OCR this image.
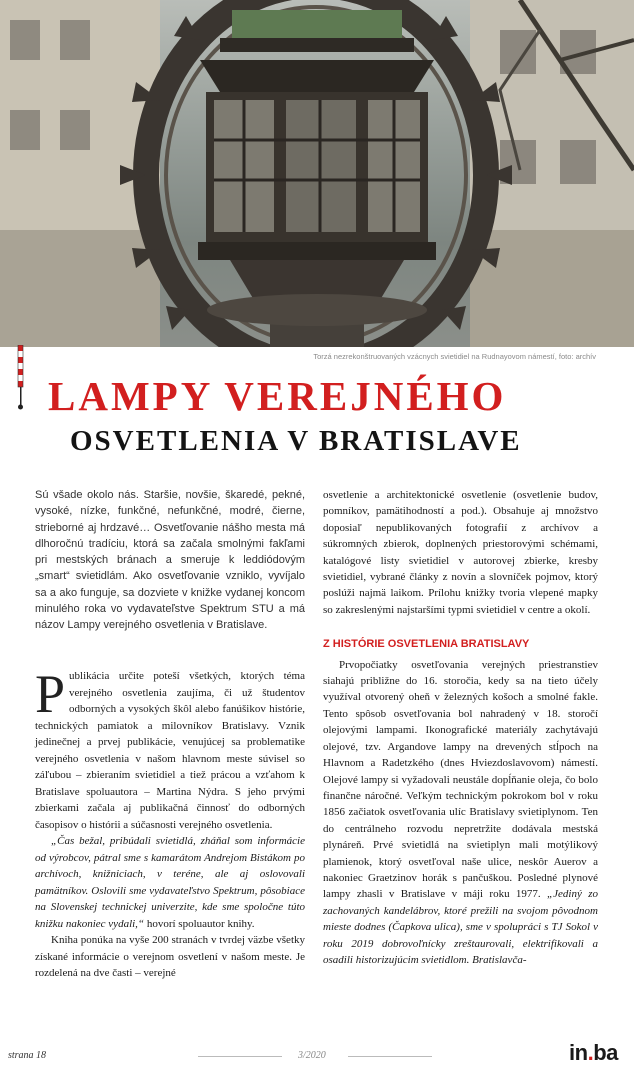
Torzá nezrekonštruovaných vzácnych svietidiel na Rudnayovom námestí, foto: archív
LAMPY VEREJNÉHO
OSVETLENIA V BRATISLAVE
Sú všade okolo nás. Staršie, novšie, škaredé, pekné, vysoké, nízke, funkčné, nefunkčné, modré, čierne, strieborné aj hrdzavé… Osvetľovanie nášho mesta má dlhoročnú tradíciu, ktorá sa začala smolnými fakľami pri mestských bránach a smeruje k leddiódovým „smart“ svietidlám. Ako osvetľovanie vzniklo, vyvíjalo sa a ako funguje, sa dozviete v knižke vydanej koncom minulého roka vo vydavateľstve Spektrum STU a má názov Lampy verejného osvetlenia v Bratislave.

Publikácia určite poteší všetkých, ktorých téma verejného osvetlenia zaujíma, či už študentov odborných a vysokých škôl alebo fanúšikov histórie, technických pamiatok a milovníkov Bratislavy. Vznik jedinečnej a prvej publikácie, venujúcej sa problematike verejného osvetlenia v našom hlavnom meste súvisel so záľubou – zbieraním svietidiel a tiež prácou a vzťahom k Bratislave spoluautora – Martina Nýdra. S jeho prvými zbierkami začala aj publikačná činnosť do odborných časopisov o histórii a súčasnosti verejného osvetlenia.

„Čas bežal, pribúdali svietidlá, zháňal som informácie od výrobcov, pátral sme s kamarátom Andrejom Bistákom po archívoch, knižniciach, v teréne, ale aj oslovovali pamätníkov. Oslovili sme vydavateľstvo Spektrum, pôsobiace na Slovenskej technickej univerzite, kde sme spoločne túto knižku nakoniec vydali,“ hovorí spoluautor knihy.

Kniha ponúka na vyše 200 stranách v tvrdej väzbe všetky získané informácie o verejnom osvetlení v našom meste. Je rozdelená na dve časti – verejné

osvetlenie a architektonické osvetlenie (osvetlenie budov, pomníkov, pamätihodností a pod.). Obsahuje aj množstvo doposiaľ nepublikovaných fotografií z archívov a súkromných zbierok, doplnených priestorovými schémami, katalógové listy svietidiel v autorovej zbierke, kresby svietidiel, vybrané články z novín a slovníček pojmov, ktorý poslúži najmä laikom. Prílohu knižky tvoria vlepené mapky so zakreslenými najstaršími typmi svietidiel v centre a okolí.

Z HISTÓRIE OSVETLENIA BRATISLAVY

Prvopočiatky osvetľovania verejných priestranstiev siahajú približne do 16. storočia, kedy sa na tieto účely využíval otvorený oheň v železných košoch a smolné fakle. Tento spôsob osvetľovania bol nahradený v 18. storočí olejovými lampami. Ikonografické materiály zachytávajú olejové, tzv. Argandove lampy na drevených stĺpoch na Hlavnom a Radetzkého (dnes Hviezdoslavovom) námestí. Olejové lampy si vyžadovali neustále dopĺňanie oleja, čo bolo finančne náročné. Veľkým technickým pokrokom bol v roku 1856 začiatok osvetľovania ulíc Bratislavy svietiplynom. Ten do centrálneho rozvodu nepretržite dodávala mestská plynáreň. Prvé svietidlá na svietiplyn mali motýlikový plamienok, ktorý osvetľoval naše ulice, neskôr Auerov a nakoniec Graetzinov horák s pančuškou. Posledné plynové lampy zhasli v Bratislave v máji roku 1977. „Jediný zo zachovaných kandelábrov, ktoré prežili na svojom pôvodnom mieste dodnes (Čapkova ulica), sme v spolupráci s TJ Sokol v roku 2019 dobrovoľnícky zreštaurovali, elektrifikovali a osadili historizujúcim svietidlom. Bratislavča-

strana 18	3/2020	in.ba
